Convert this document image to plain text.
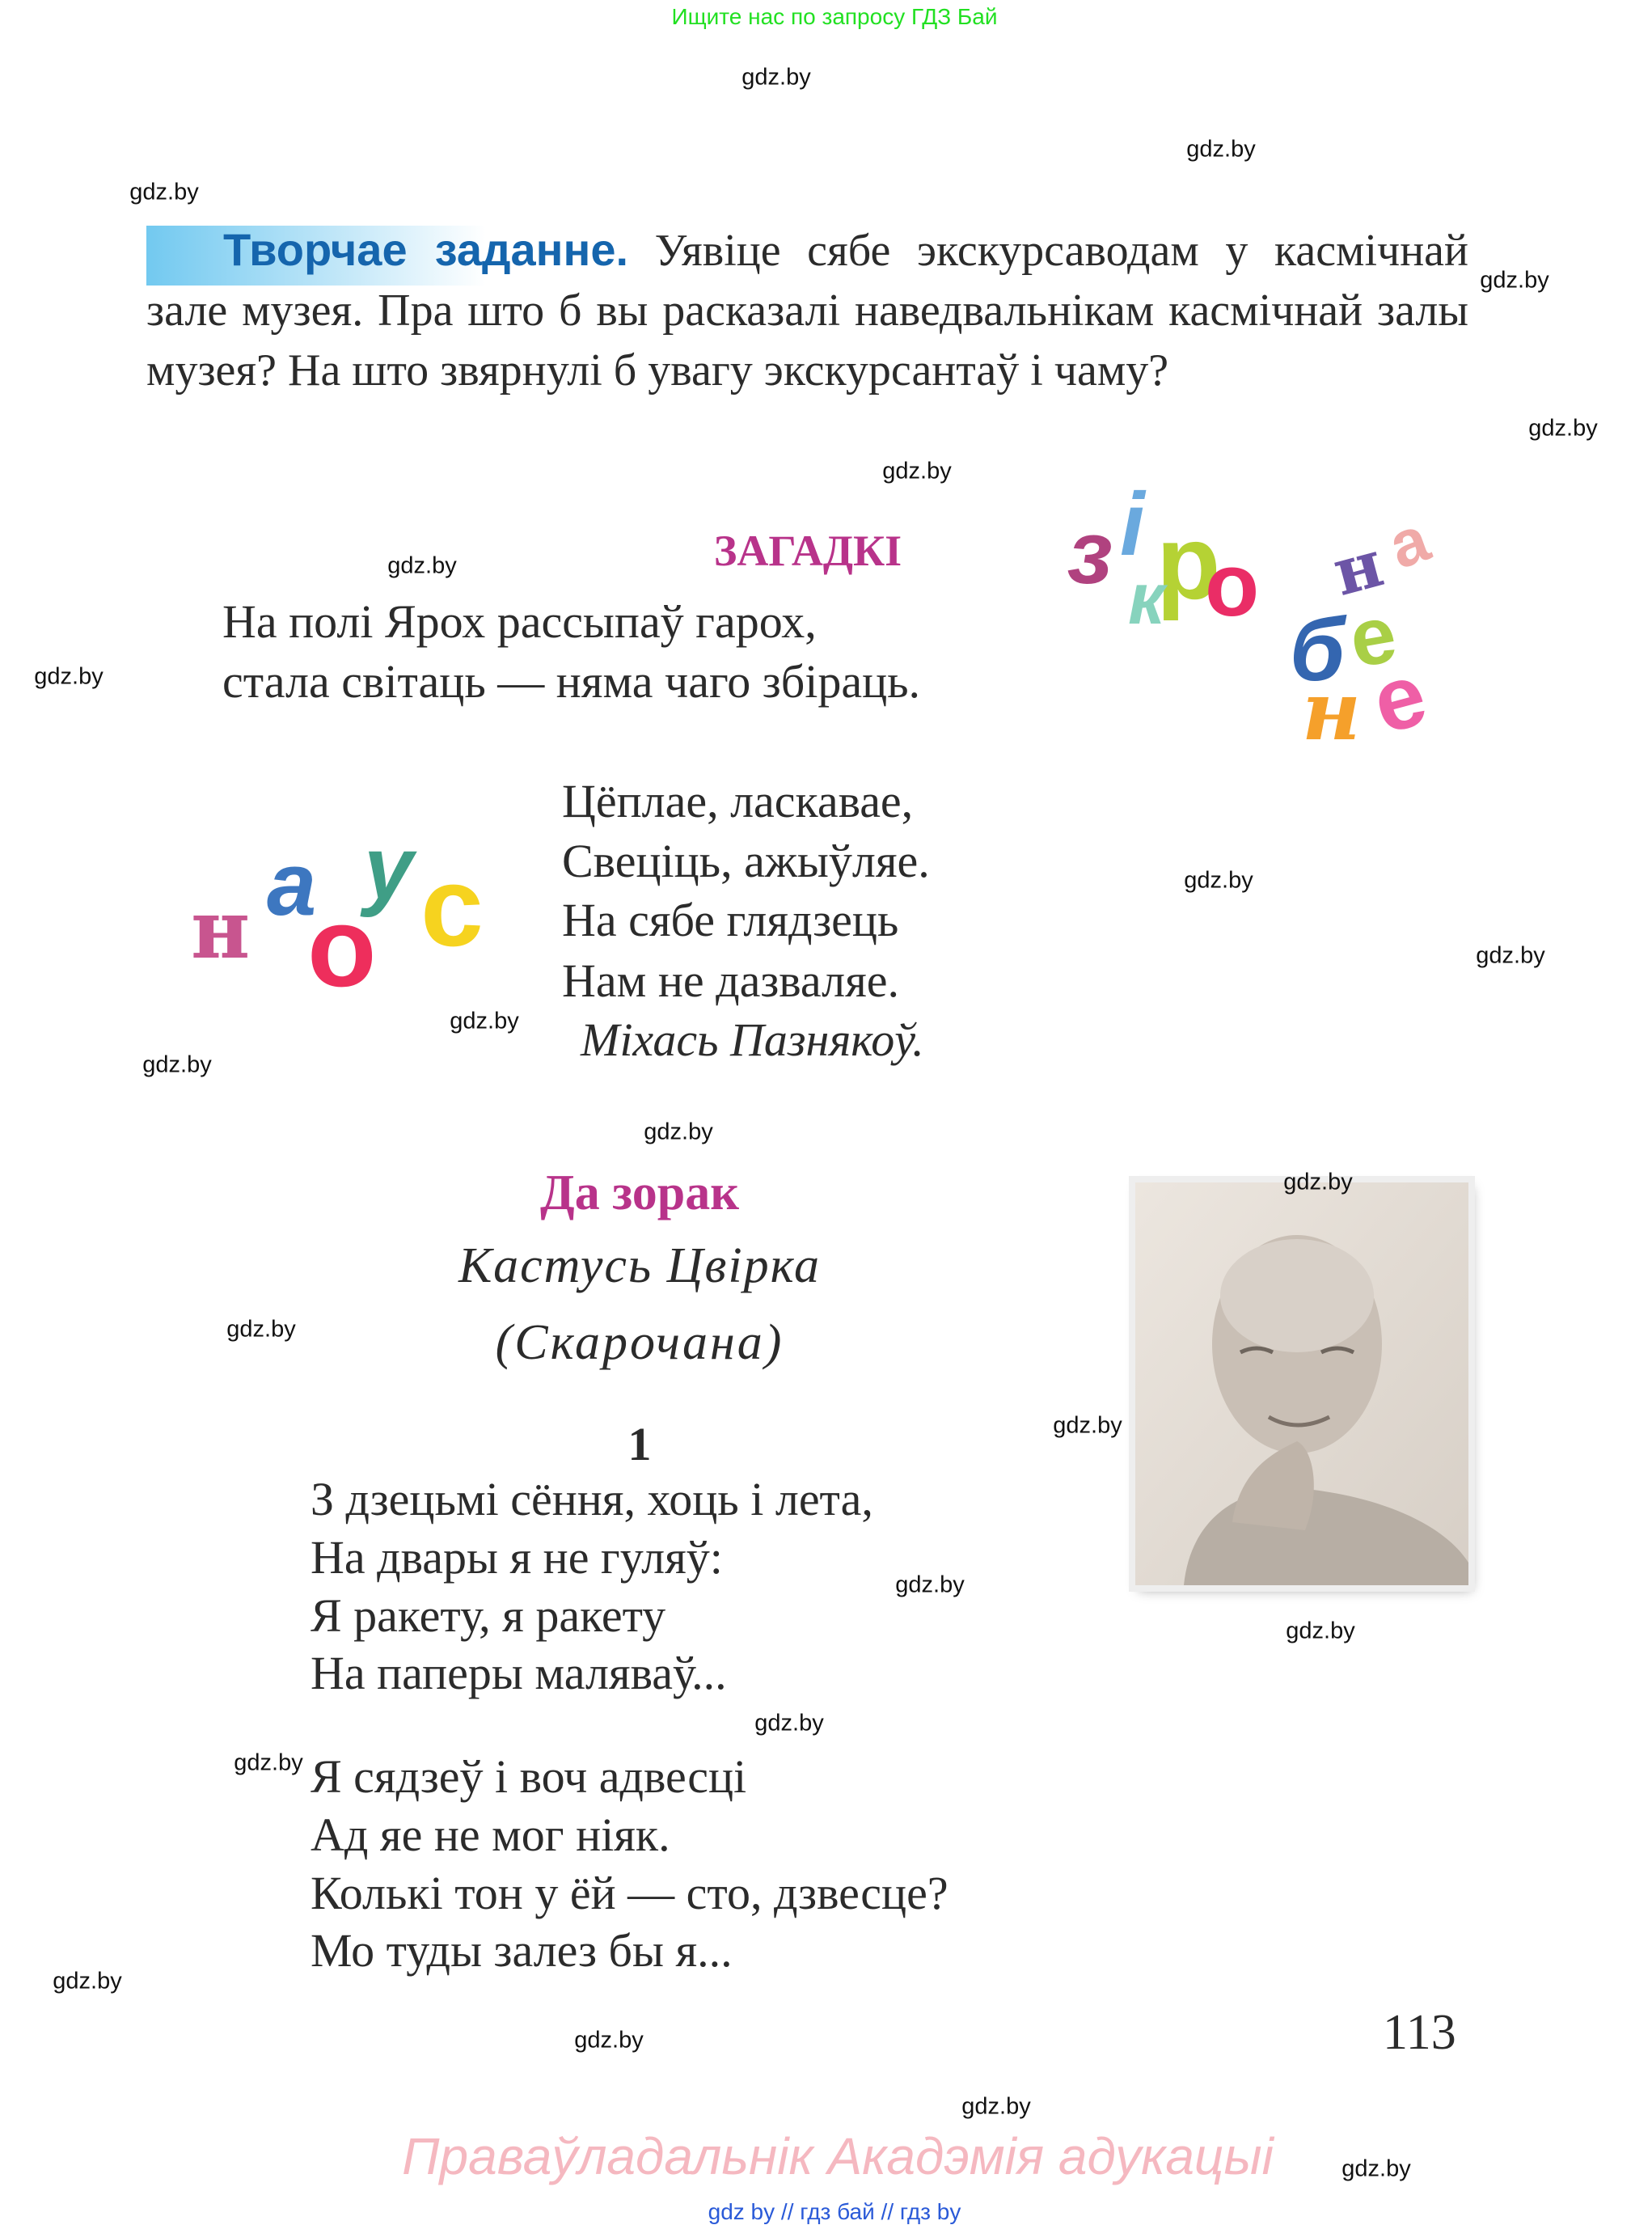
Ищите нас по запросу ГДЗ Бай
Творчае заданне. Уявіце сябе экскурсаводам у касмічнай зале музея. Пра што б вы расказалі наведвальнікам касмічнай залы музея? На што звярнулі б увагу экскурсантаў і чаму?
ЗАГАДКІ
На полі Ярох рассыпаў гарох,
стала світаць — няма чаго збіраць.
Цёплае, ласкавае,
Свеціць, ажыўляе.
На сябе глядзець
Нам не дазваляе.
Міхась Пазнякоў.
з і р
к о н
а
б
е
н е
н а
о
у с
Да зорак
Кастусь Цвірка
(Скарочана)
1
З дзецьмі сёння, хоць і лета,
На двары я не гуляў:
Я ракету, я ракету
На паперы маляваў...
Я сядзеў і воч адвесці
Ад яе не мог ніяк.
Колькі тон у ёй — сто, дзвесце?
Мо туды залез бы я...
113
Праваўладальнік Акадэмія адукацыі
gdz by // гдз бай // гдз by
gdz.by
gdz.by
gdz.by
gdz.by
gdz.by
gdz.by
gdz.by
gdz.by
gdz.by
gdz.by
gdz.by
gdz.by
gdz.by
gdz.by
gdz.by
gdz.by
gdz.by
gdz.by
gdz.by
gdz.by
gdz.by
gdz.by
gdz.by
gdz.by
